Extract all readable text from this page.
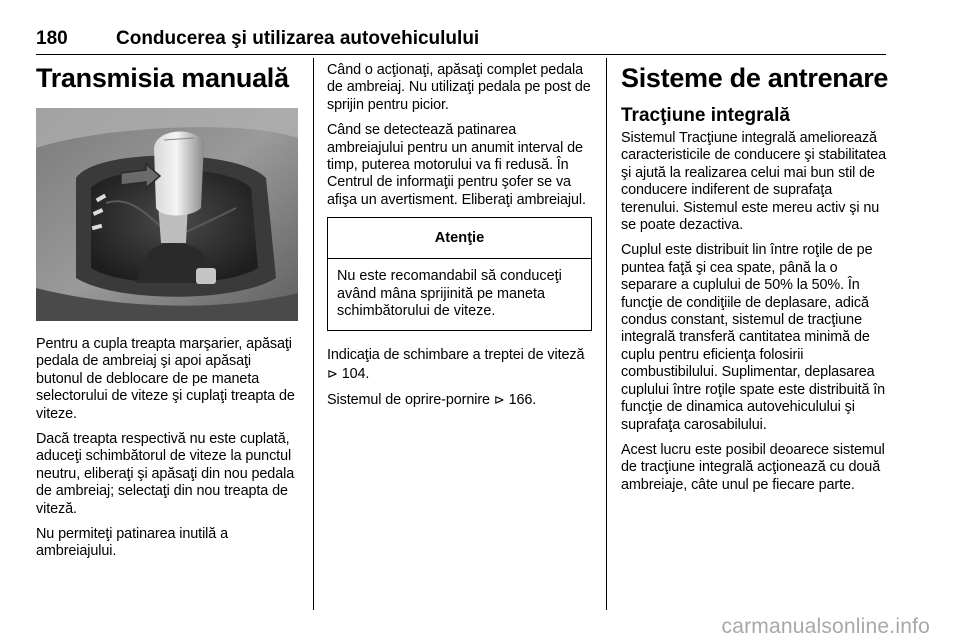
180	Conducerea şi utilizarea autovehiculului
Transmisia manuală

Pentru a cupla treapta marşarier, apăsaţi pedala de ambreiaj şi apoi apăsaţi butonul de deblocare de pe maneta selectorului de viteze şi cuplaţi treapta de viteze.

Dacă treapta respectivă nu este cuplată, aduceţi schimbătorul de viteze la punctul neutru, eliberaţi şi apăsaţi din nou pedala de ambreiaj; selectaţi din nou treapta de viteză.

Nu permiteţi patinarea inutilă a ambreiajului.

Când o acţionaţi, apăsaţi complet pedala de ambreiaj. Nu utilizaţi pedala pe post de sprijin pentru picior.

Când se detectează patinarea ambreiajului pentru un anumit interval de timp, puterea motorului va fi redusă. În Centrul de informaţii pentru şofer se va afişa un avertisment. Eliberaţi ambreiajul.

Atenţie
Nu este recomandabil să conduceţi având mâna sprijinită pe maneta schimbătorului de viteze.

Indicaţia de schimbare a treptei de viteză ⊳ 104.

Sistemul de oprire-pornire ⊳ 166.

Sisteme de antrenare
Tracţiune integrală

Sistemul Tracţiune integrală ameliorează caracteristicile de conducere şi stabilitatea şi ajută la realizarea celui mai bun stil de conducere indiferent de suprafaţa terenului. Sistemul este mereu activ şi nu se poate dezactiva.

Cuplul este distribuit lin între roţile de pe puntea faţă şi cea spate, până la o separare a cuplului de 50% la 50%. În funcţie de condiţiile de deplasare, adică condus constant, sistemul de tracţiune integrală transferă cantitatea minimă de cuplu pentru eficienţa folosirii combustibilului. Suplimentar, deplasarea cuplului între roţile spate este distribuită în funcţie de dinamica autovehiculului şi suprafaţa carosabilului.

Acest lucru este posibil deoarece sistemul de tracţiune integrală acţionează cu două ambreiaje, câte unul pe fiecare parte.

carmanualsonline.info
